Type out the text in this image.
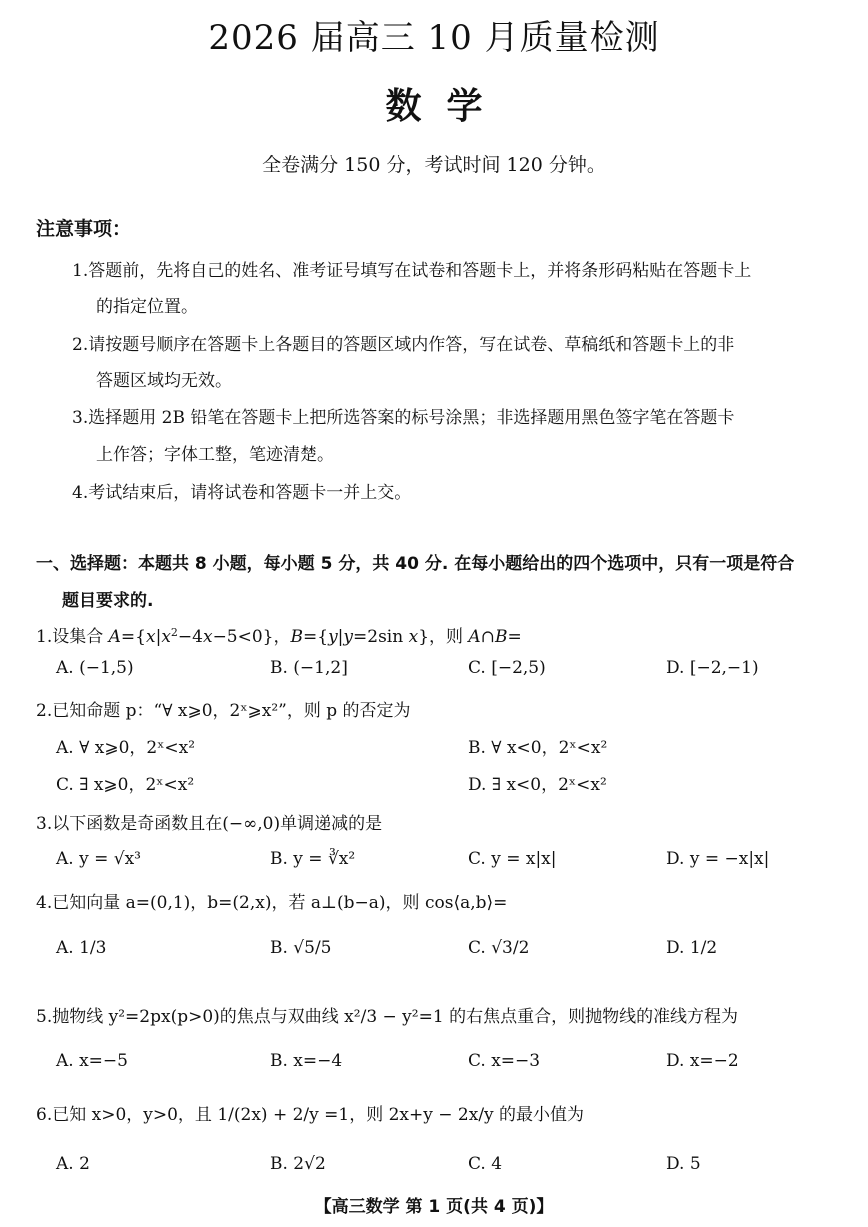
2026 届高三 10 月质量检测
数  学
全卷满分 150 分，考试时间 120 分钟。
注意事项：
1.答题前，先将自己的姓名、准考证号填写在试卷和答题卡上，并将条形码粘贴在答题卡上
的指定位置。
2.请按题号顺序在答题卡上各题目的答题区域内作答，写在试卷、草稿纸和答题卡上的非
答题区域均无效。
3.选择题用 2B 铅笔在答题卡上把所选答案的标号涂黑；非选择题用黑色签字笔在答题卡
上作答；字体工整，笔迹清楚。
4.考试结束后，请将试卷和答题卡一并上交。
一、选择题：本题共 8 小题，每小题 5 分，共 40 分. 在每小题给出的四个选项中，只有一项是符合
题目要求的.
1.设集合 $A=\{x|x^2-4x-5<0\}$，B={y|y=2sin x}，则 A∩B=
A. (−1,5)	B. (−1,2]	C. [−2,5)	D. [−2,−1)
2.已知命题 p：“∀ x⩾0，2ˣ⩾x²”，则 p 的否定为
A. ∀ x⩾0，2ˣ<x²	B. ∀ x<0，2ˣ<x²
C. ∃ x⩾0，2ˣ<x²	D. ∃ x<0，2ˣ<x²
3.以下函数是奇函数且在(−∞,0)单调递减的是
A. y = √x³	B. y = ∛x²	C. y = x|x|	D. y = −x|x|
4.已知向量 a=(0,1)，b=(2,x)，若 a⊥(b−a)，则 cos⟨a,b⟩=
A. 1/3	B. √5/5	C. √3/2	D. 1/2
5.抛物线 y²=2px(p>0)的焦点与双曲线 x²/3 − y²=1 的右焦点重合，则抛物线的准线方程为
A. x=−5	B. x=−4	C. x=−3	D. x=−2
6.已知 x>0，y>0，且 1/(2x) + 2/y =1，则 2x+y − 2x/y 的最小值为
A. 2	B. 2√2	C. 4	D. 5
【高三数学 第 1 页(共 4 页)】
